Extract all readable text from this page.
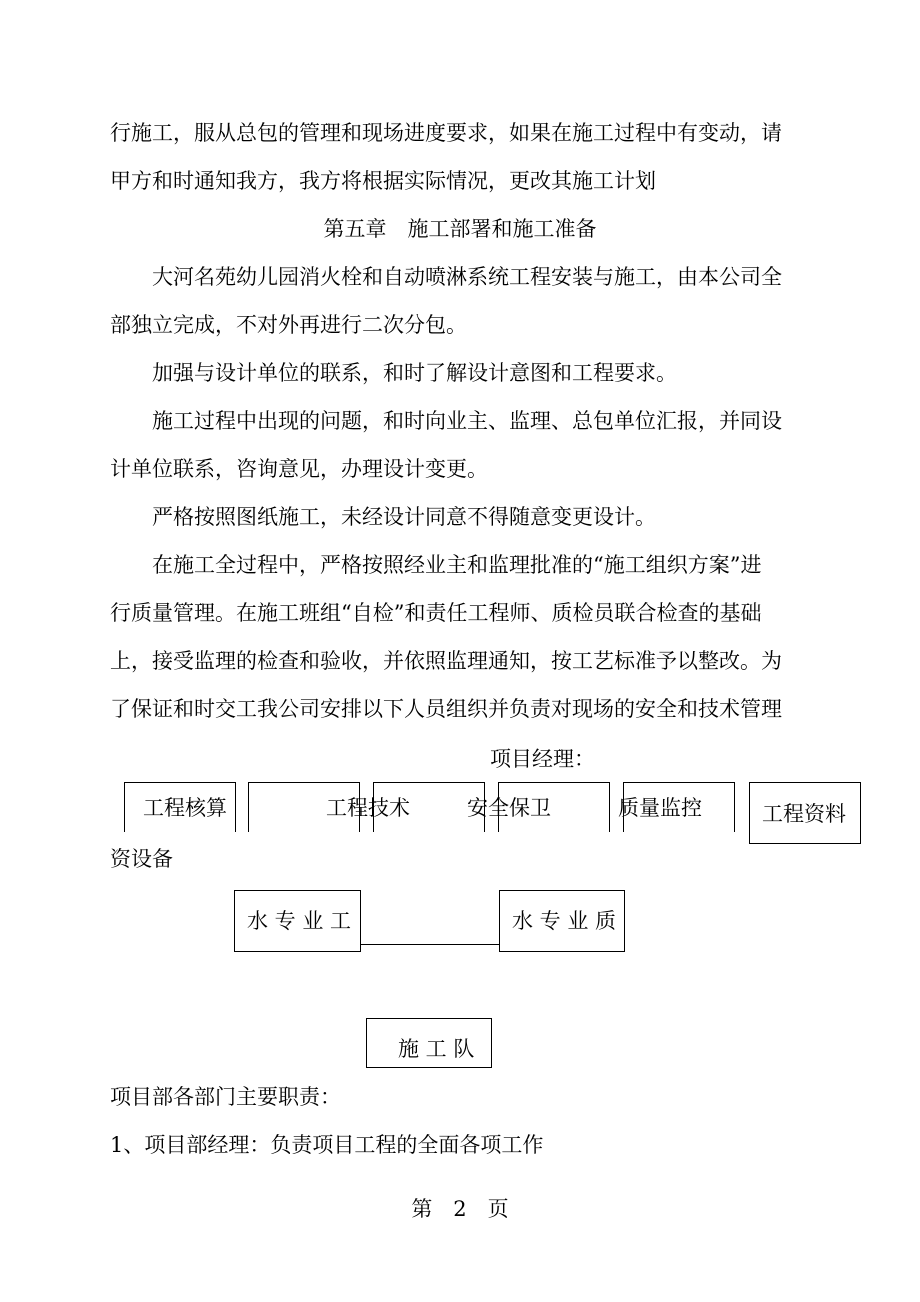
行施工，服从总包的管理和现场进度要求，如果在施工过程中有变动，请
甲方和时通知我方，我方将根据实际情况，更改其施工计划
第五章　施工部署和施工准备
大河名苑幼儿园消火栓和自动喷淋系统工程安装与施工，由本公司全
部独立完成，不对外再进行二次分包。
加强与设计单位的联系，和时了解设计意图和工程要求。
施工过程中出现的问题，和时向业主、监理、总包单位汇报，并同设
计单位联系，咨询意见，办理设计变更。
严格按照图纸施工，未经设计同意不得随意变更设计。
在施工全过程中，严格按照经业主和监理批准的“施工组织方案”进
行质量管理。在施工班组“自检”和责任工程师、质检员联合检查的基础
上，接受监理的检查和验收，并依照监理通知，按工艺标准予以整改。为
了保证和时交工我公司安排以下人员组织并负责对现场的安全和技术管理
项目经理：
工程核算	工程技术	安全保卫	质量监控	工程资料
资设备
水 专 业 工	水 专 业 质
施 工 队
项目部各部门主要职责：
1、项目部经理：负责项目工程的全面各项工作
第　2　页
